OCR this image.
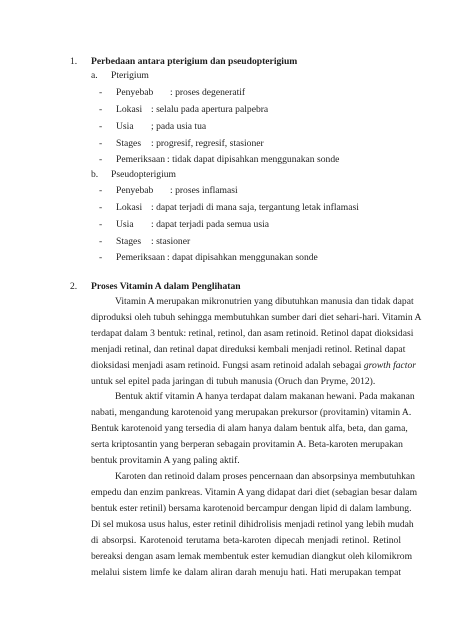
1. Perbedaan antara pterigium dan pseudopterigium
a. Pterigium
- Penyebab : proses degeneratif
- Lokasi : selalu pada apertura palpebra
- Usia ; pada usia tua
- Stages : progresif, regresif, stasioner
- Pemeriksaan : tidak dapat dipisahkan menggunakan sonde
b. Pseudopterigium
- Penyebab : proses inflamasi
- Lokasi : dapat terjadi di mana saja, tergantung letak inflamasi
- Usia : dapat terjadi pada semua usia
- Stages : stasioner
- Pemeriksaan : dapat dipisahkan menggunakan sonde
2. Proses Vitamin A dalam Penglihatan
Vitamin A merupakan mikronutrien yang dibutuhkan manusia dan tidak dapat
diproduksi oleh tubuh sehingga membutuhkan sumber dari diet sehari-hari. Vitamin A
terdapat dalam 3 bentuk: retinal, retinol, dan asam retinoid. Retinol dapat dioksidasi
menjadi retinal, dan retinal dapat direduksi kembali menjadi retinol. Retinal dapat
dioksidasi menjadi asam retinoid. Fungsi asam retinoid adalah sebagai growth factor
untuk sel epitel pada jaringan di tubuh manusia (Oruch dan Pryme, 2012).
Bentuk aktif vitamin A hanya terdapat dalam makanan hewani. Pada makanan
nabati, mengandung karotenoid yang merupakan prekursor (provitamin) vitamin A.
Bentuk karotenoid yang tersedia di alam hanya dalam bentuk alfa, beta, dan gama,
serta kriptosantin yang berperan sebagain provitamin A. Beta-karoten merupakan
bentuk provitamin A yang paling aktif.
Karoten dan retinoid dalam proses pencernaan dan absorpsinya membutuhkan
empedu dan enzim pankreas. Vitamin A yang didapat dari diet (sebagian besar dalam
bentuk ester retinil) bersama karotenoid bercampur dengan lipid di dalam lambung.
Di sel mukosa usus halus, ester retinil dihidrolisis menjadi retinol yang lebih mudah
di absorpsi. Karotenoid terutama beta-karoten dipecah menjadi retinol. Retinol
bereaksi dengan asam lemak membentuk ester kemudian diangkut oleh kilomikrom
melalui sistem limfe ke dalam aliran darah menuju hati. Hati merupakan tempat
